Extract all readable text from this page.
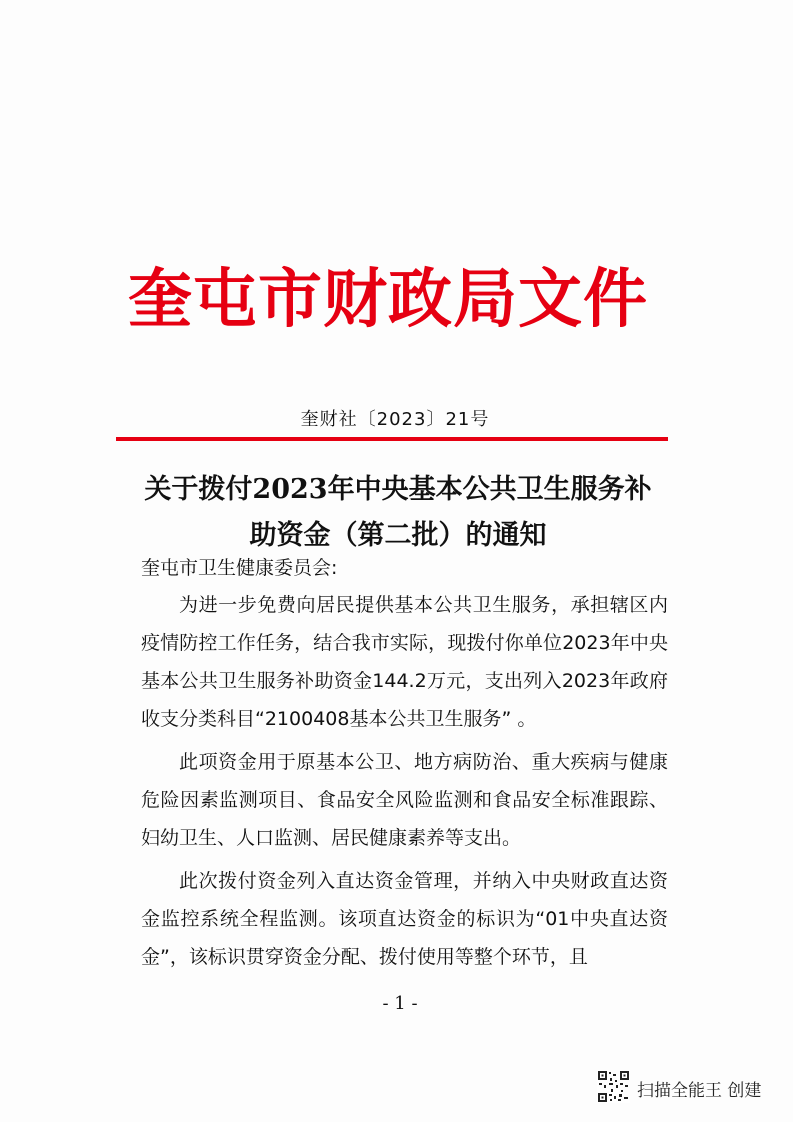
奎屯市财政局文件
奎财社〔2023〕21号
关于拨付2023年中央基本公共卫生服务补
助资金（第二批）的通知
奎屯市卫生健康委员会:

为进一步免费向居民提供基本公共卫生服务，承担辖区内疫情防控工作任务，结合我市实际，现拨付你单位2023年中央基本公共卫生服务补助资金144.2万元，支出列入2023年政府收支分类科目“2100408基本公共卫生服务” 。

此项资金用于原基本公卫、地方病防治、重大疾病与健康危险因素监测项目、食品安全风险监测和食品安全标准跟踪、妇幼卫生、人口监测、居民健康素养等支出。

此次拨付资金列入直达资金管理，并纳入中央财政直达资金监控系统全程监测。该项直达资金的标识为“01中央直达资金”，该标识贯穿资金分配、拨付使用等整个环节，且

- 1 -
扫描全能王 创建
